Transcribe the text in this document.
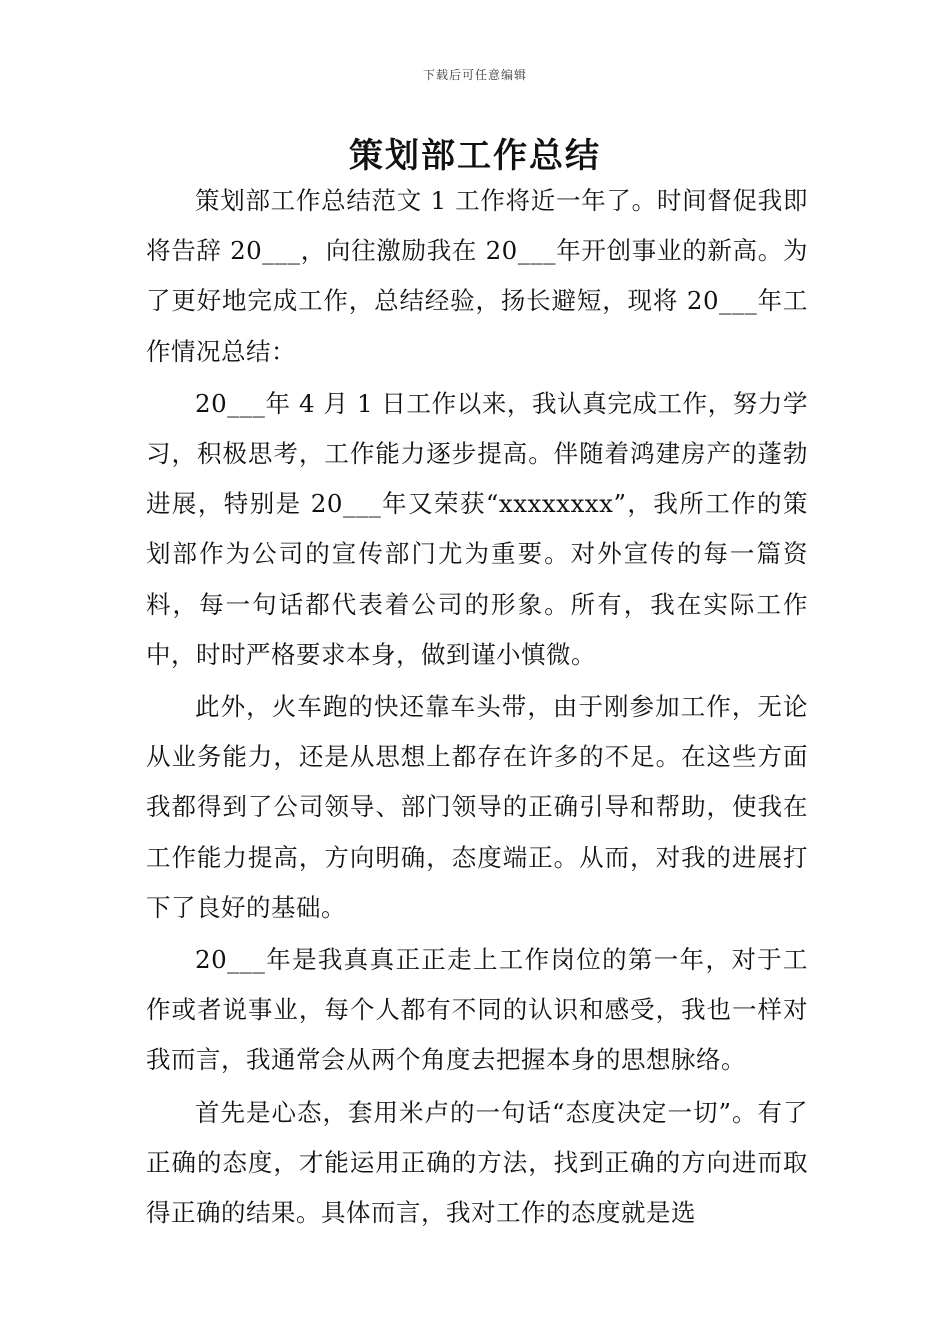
下载后可任意编辑
策划部工作总结

策划部工作总结范文 1 工作将近一年了。时间督促我即将告辞 20___，向往激励我在 20___年开创事业的新高。为了更好地完成工作，总结经验，扬长避短，现将 20___年工作情况总结：

20___年 4 月 1 日工作以来，我认真完成工作，努力学习，积极思考，工作能力逐步提高。伴随着鸿建房产的蓬勃进展，特别是 20___年又荣获“xxxxxxxx”，我所工作的策划部作为公司的宣传部门尤为重要。对外宣传的每一篇资料，每一句话都代表着公司的形象。所有，我在实际工作中，时时严格要求本身，做到谨小慎微。

此外，火车跑的快还靠车头带，由于刚参加工作，无论从业务能力，还是从思想上都存在许多的不足。在这些方面我都得到了公司领导、部门领导的正确引导和帮助，使我在工作能力提高，方向明确，态度端正。从而，对我的进展打下了良好的基础。

20___年是我真真正正走上工作岗位的第一年，对于工作或者说事业，每个人都有不同的认识和感受，我也一样对我而言，我通常会从两个角度去把握本身的思想脉络。

首先是心态，套用米卢的一句话“态度决定一切”。有了正确的态度，才能运用正确的方法，找到正确的方向进而取得正确的结果。具体而言，我对工作的态度就是选
